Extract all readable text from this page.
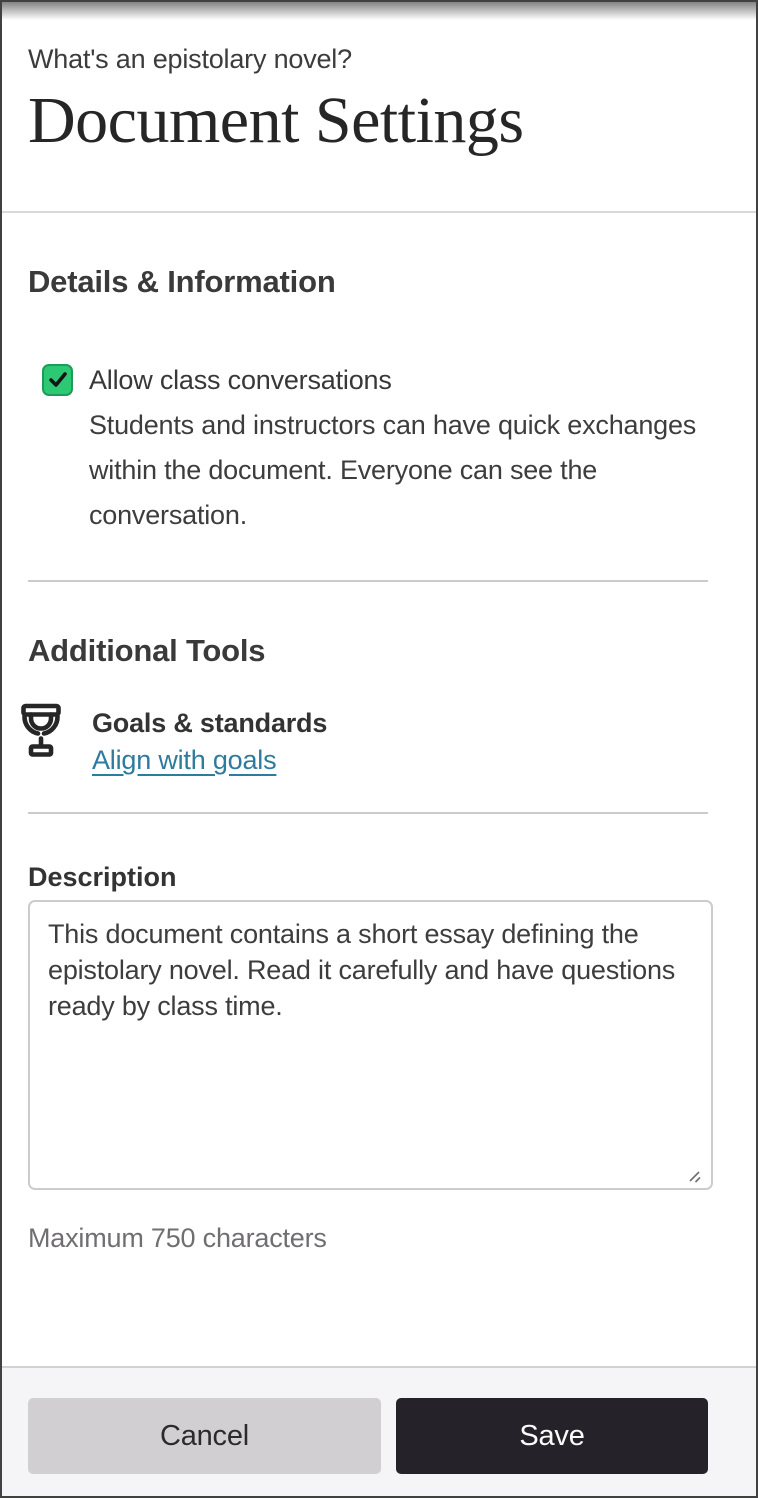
What's an epistolary novel?
Document Settings
Details & Information
Allow class conversations
Students and instructors can have quick exchanges within the document. Everyone can see the conversation.
Additional Tools
Goals & standards
Align with goals
Description
This document contains a short essay defining the epistolary novel. Read it carefully and have questions ready by class time.
Maximum 750 characters
Cancel	Save
